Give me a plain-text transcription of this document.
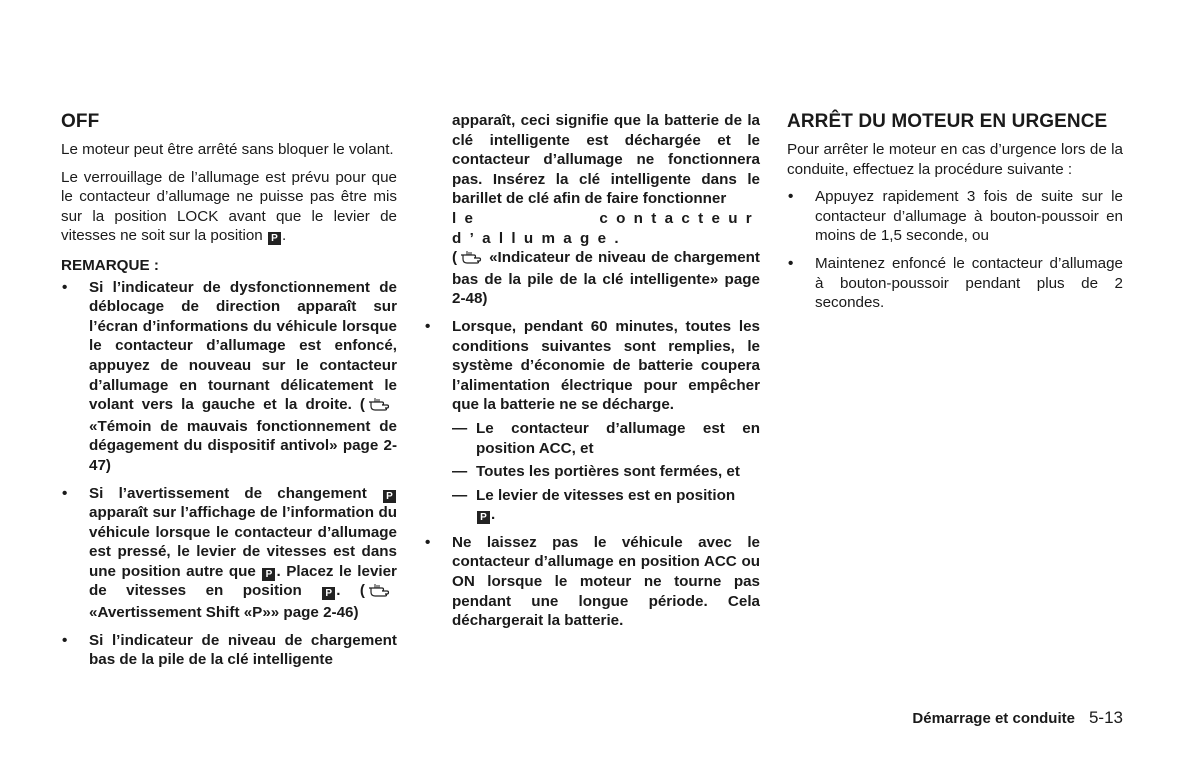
OFF

Le moteur peut être arrêté sans bloquer le volant.

Le verrouillage de l’allumage est prévu pour que le contacteur d’allumage ne puisse pas être mis sur la position LOCK avant que le levier de vitesses ne soit sur la position P .

REMARQUE :
• Si l’indicateur de dysfonctionnement de déblocage de direction apparaît sur l’écran d’informations du véhicule lorsque le contacteur d’allumage est enfoncé, appuyez de nouveau sur le contacteur d’allumage en tournant délicatement le volant vers la gauche et la droite. («Témoin de mauvais fonctionnement de dégagement du dispositif antivol» page 2-47)
• Si l’avertissement de changement P apparaît sur l’affichage de l’information du véhicule lorsque le contacteur d’allumage est pressé, le levier de vitesses est dans une position autre que P . Placez le levier de vitesses en position P . («Avertissement Shift «P»» page 2-46)
• Si l’indicateur de niveau de chargement bas de la pile de la clé intelligente

apparaît, ceci signifie que la batterie de la clé intelligente est déchargée et le contacteur d’allumage ne fonctionnera pas. Insérez la clé intelligente dans le barillet de clé afin de faire fonctionner

le contacteur d’allumage.

( «Indicateur de niveau de chargement bas de la pile de la clé intelligente» page 2-48)

• Lorsque, pendant 60 minutes, toutes les conditions suivantes sont remplies, le système d’économie de batterie coupera l’alimentation électrique pour empêcher que la batterie ne se décharge.
— Le contacteur d’allumage est en position ACC, et
— Toutes les portières sont fermées, et
— Le levier de vitesses est en position
P .
• Ne laissez pas le véhicule avec le contacteur d’allumage en position ACC ou ON lorsque le moteur ne tourne pas pendant une longue période. Cela déchargerait la batterie.
ARRÊT DU MOTEUR EN URGENCE

Pour arrêter le moteur en cas d’urgence lors de la conduite, effectuez la procédure suivante :

• Appuyez rapidement 3 fois de suite sur le contacteur d’allumage à bouton-poussoir en moins de 1,5 seconde, ou
• Maintenez enfoncé le contacteur d’allumage à bouton-poussoir pendant plus de 2 secondes.
Démarrage et conduite 5-13
